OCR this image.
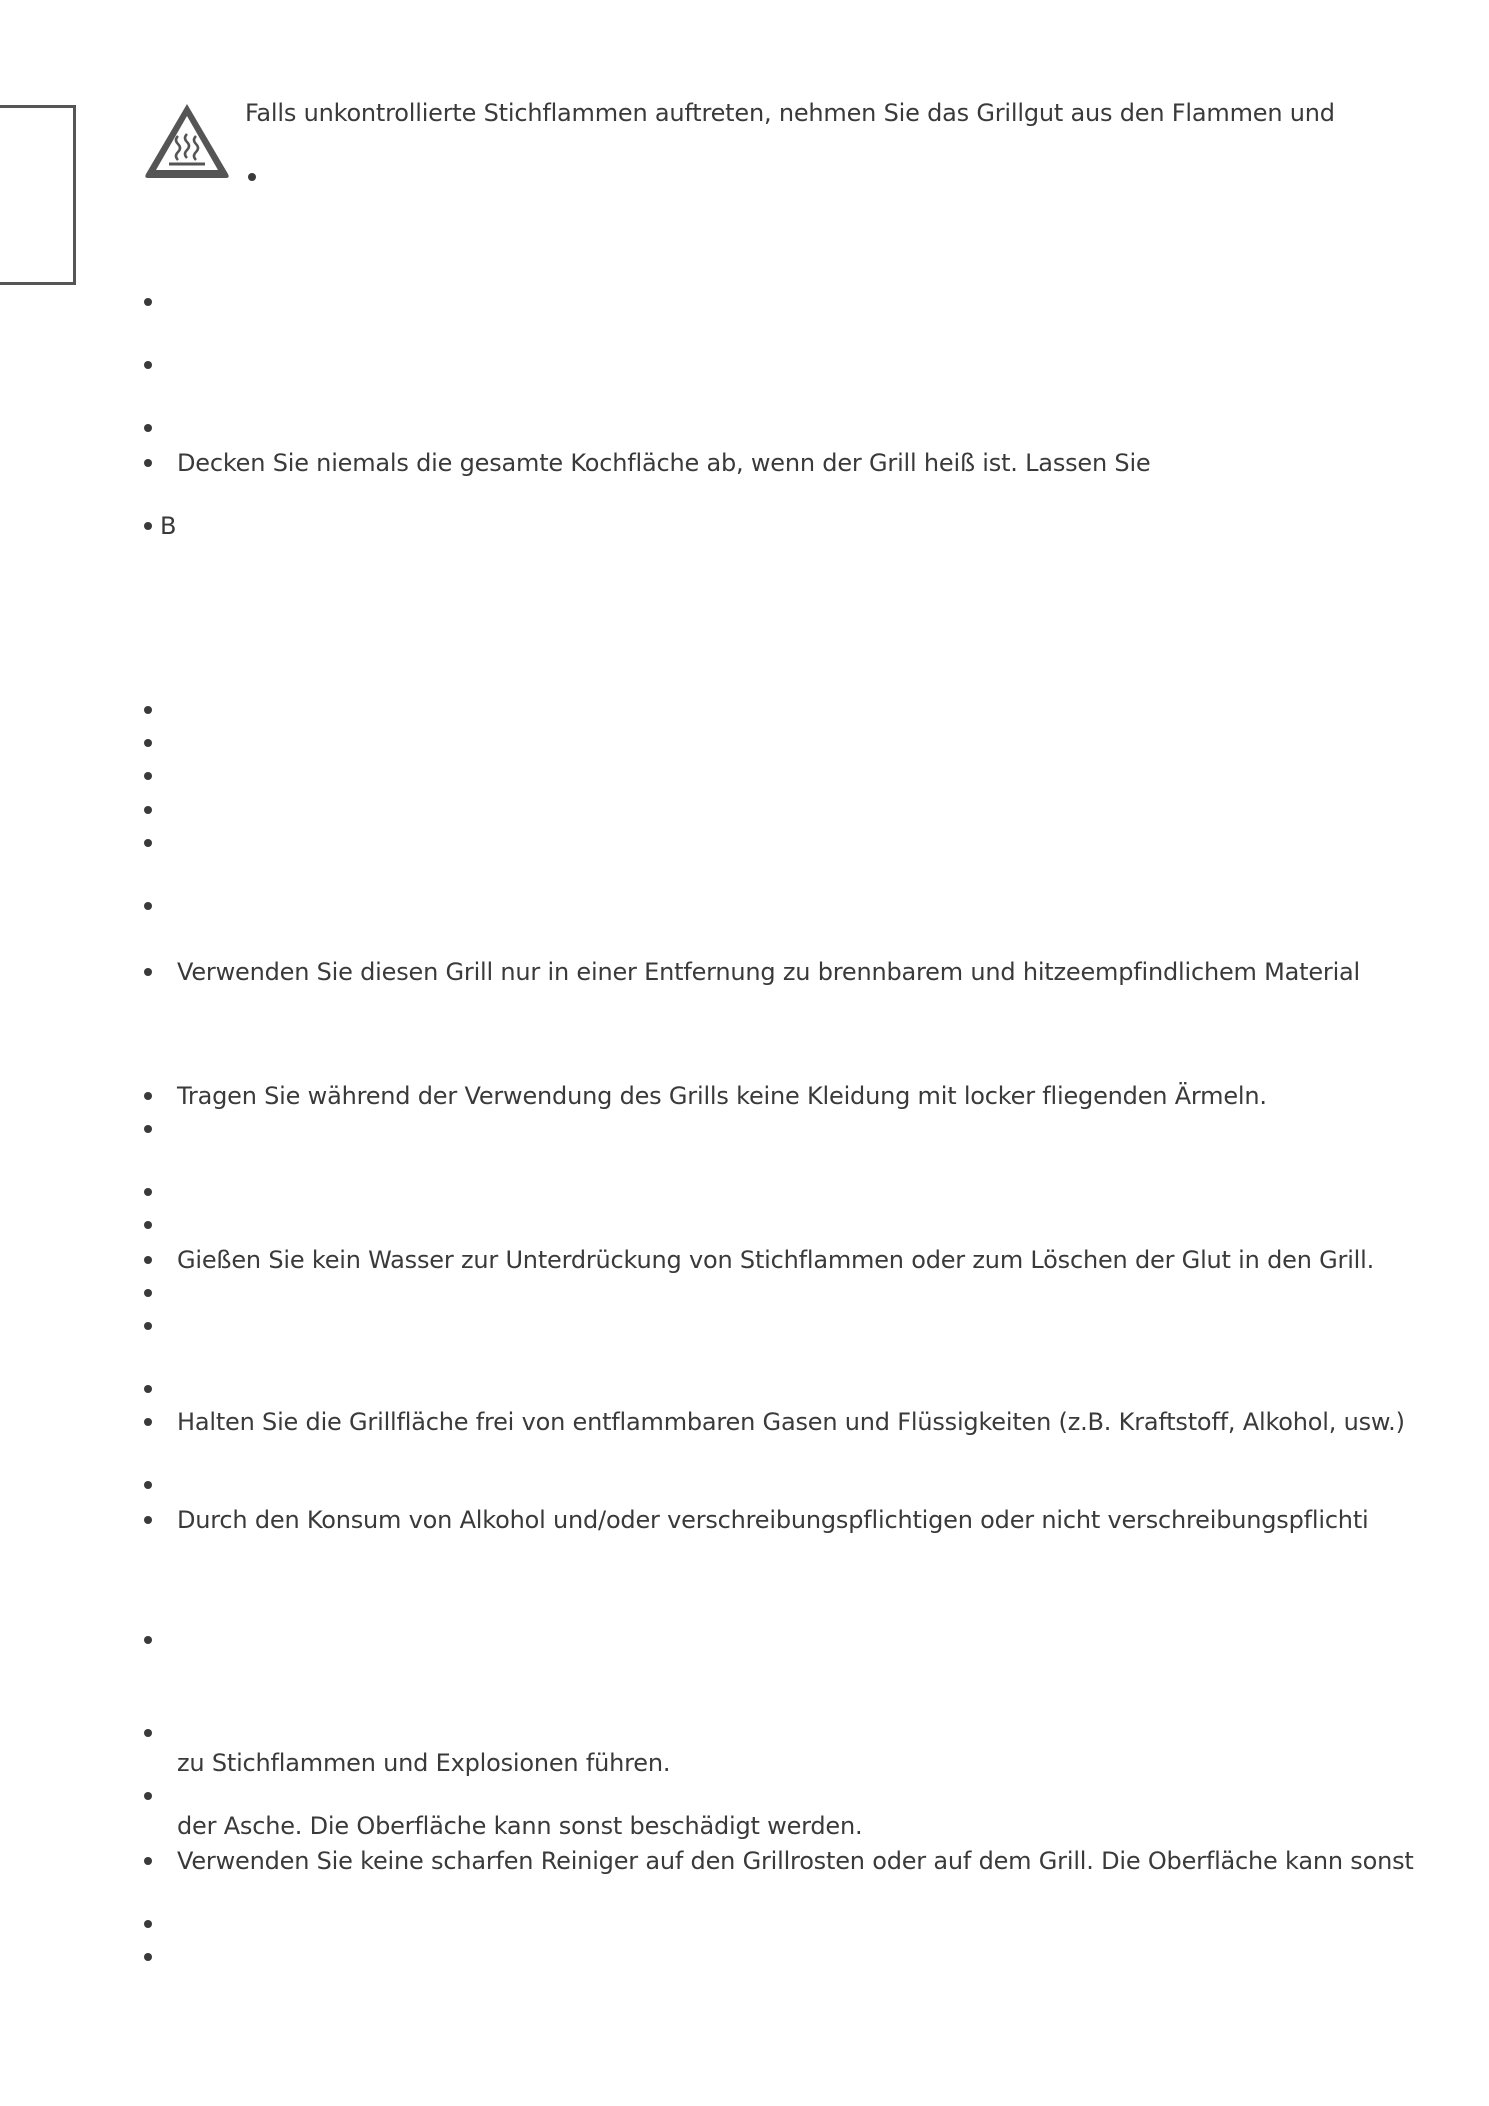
Falls unkontrollierte Stichflammen auftreten, nehmen Sie das Grillgut aus den Flammen und
Decken Sie niemals die gesamte Kochfläche ab, wenn der Grill heiß ist. Lassen Sie
B
Verwenden Sie diesen Grill nur in einer Entfernung zu brennbarem und hitzeempfindlichem Material
Tragen Sie während der Verwendung des Grills keine Kleidung mit locker fliegenden Ärmeln.
Gießen Sie kein Wasser zur Unterdrückung von Stichflammen oder zum Löschen der Glut in den Grill.
Halten Sie die Grillfläche frei von entflammbaren Gasen und Flüssigkeiten (z.B. Kraftstoff, Alkohol, usw.)
Durch den Konsum von Alkohol und/oder verschreibungspflichtigen oder nicht verschreibungspflichti
zu Stichflammen und Explosionen führen.
der Asche. Die Oberfläche kann sonst beschädigt werden.
Verwenden Sie keine scharfen Reiniger auf den Grillrosten oder auf dem Grill. Die Oberfläche kann sonst
